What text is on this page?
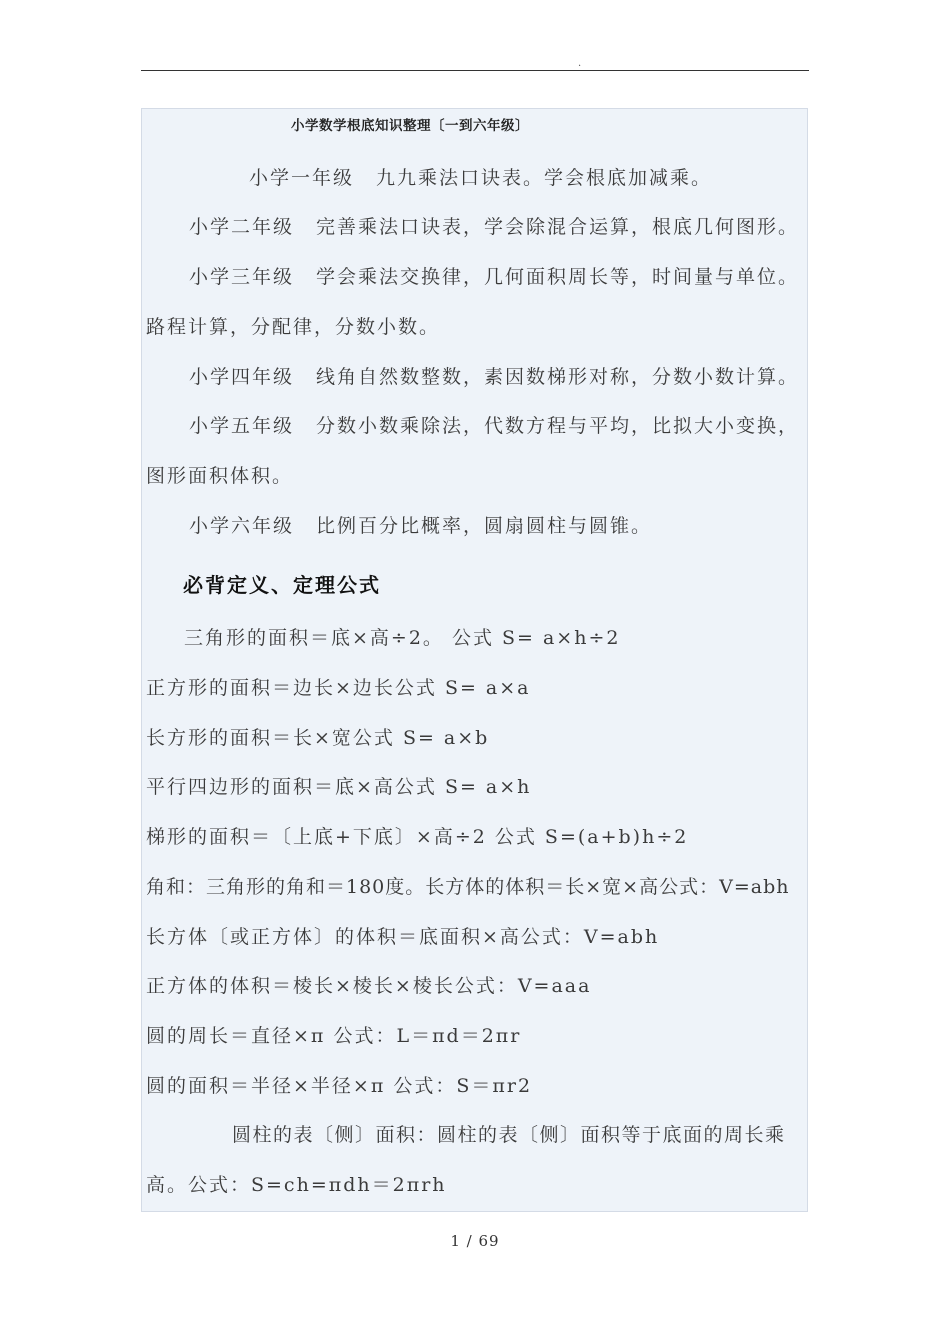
.
小学数学根底知识整理〔一到六年级〕
小学一年级 九九乘法口诀表。学会根底加减乘。
小学二年级 完善乘法口诀表，学会除混合运算，根底几何图形。
小学三年级 学会乘法交换律，几何面积周长等，时间量与单位。
路程计算，分配律，分数小数。
小学四年级 线角自然数整数，素因数梯形对称，分数小数计算。
小学五年级 分数小数乘除法，代数方程与平均，比拟大小变换，
图形面积体积。
小学六年级 比例百分比概率，圆扇圆柱与圆锥。
必背定义、定理公式
三角形的面积＝底×高÷2。 公式 S= a×h÷2
正方形的面积＝边长×边长公式 S= a×a
长方形的面积＝长×宽公式 S= a×b
平行四边形的面积＝底×高公式 S= a×h
梯形的面积＝〔上底+下底〕×高÷2 公式 S=(a+b)h÷2
角和：三角形的角和＝180度。长方体的体积＝长×宽×高公式：V=abh
长方体〔或正方体〕的体积＝底面积×高公式：V=abh
正方体的体积＝棱长×棱长×棱长公式：V=aaa
圆的周长＝直径×π 公式：L＝πd＝2πr
圆的面积＝半径×半径×π 公式：S＝πr2
圆柱的表〔侧〕面积：圆柱的表〔侧〕面积等于底面的周长乘
高。公式：S=ch=πdh＝2πrh
1 / 69
